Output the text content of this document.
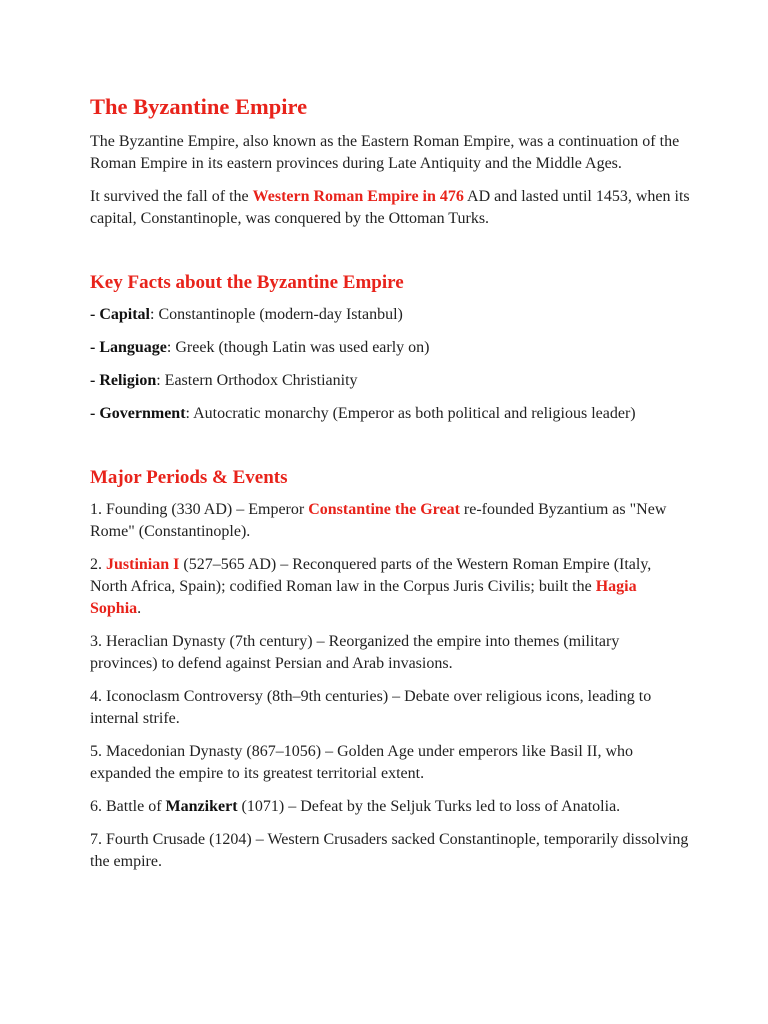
The Byzantine Empire

The Byzantine Empire, also known as the Eastern Roman Empire, was a continuation of the Roman Empire in its eastern provinces during Late Antiquity and the Middle Ages.

It survived the fall of the Western Roman Empire in 476 AD and lasted until 1453, when its capital, Constantinople, was conquered by the Ottoman Turks.

Key Facts about the Byzantine Empire

- Capital: Constantinople (modern-day Istanbul)

- Language: Greek (though Latin was used early on)

- Religion: Eastern Orthodox Christianity

- Government: Autocratic monarchy (Emperor as both political and religious leader)

Major Periods & Events

1. Founding (330 AD) – Emperor Constantine the Great re-founded Byzantium as "New Rome" (Constantinople).

2. Justinian I (527–565 AD) – Reconquered parts of the Western Roman Empire (Italy, North Africa, Spain); codified Roman law in the Corpus Juris Civilis; built the Hagia Sophia.

3. Heraclian Dynasty (7th century) – Reorganized the empire into themes (military provinces) to defend against Persian and Arab invasions.

4. Iconoclasm Controversy (8th–9th centuries) – Debate over religious icons, leading to internal strife.

5. Macedonian Dynasty (867–1056) – Golden Age under emperors like Basil II, who expanded the empire to its greatest territorial extent.

6. Battle of Manzikert (1071) – Defeat by the Seljuk Turks led to loss of Anatolia.

7. Fourth Crusade (1204) – Western Crusaders sacked Constantinople, temporarily dissolving the empire.
